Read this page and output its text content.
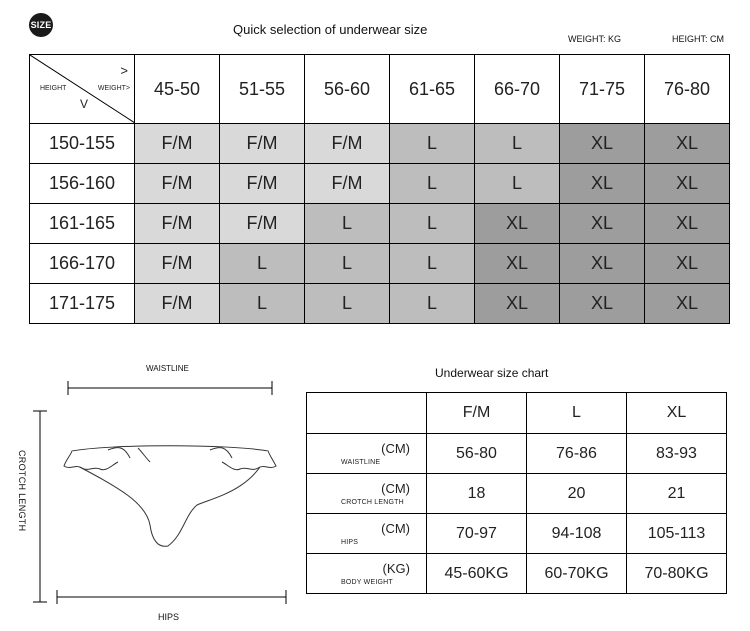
SIZE	Quick selection of underwear size
WEIGHT: KG	HEIGHT: CM
>
WEIGHT>
HEIGHT
V	45-50	51-55	56-60	61-65	66-70	71-75	76-80
150-155	F/M	F/M	F/M	L	L	XL	XL
156-160	F/M	F/M	F/M	L	L	XL	XL
161-165	F/M	F/M	L	L	XL	XL	XL
166-170	F/M	L	L	L	XL	XL	XL
171-175	F/M	L	L	L	XL	XL	XL
WAISTLINE
HIPS
CROTCH LENGTH
Underwear size chart
	F/M	L	XL

(CM)
WAISTLINE	56-80	76-86	83-93

(CM)
CROTCH LENGTH	18	20	21

(CM)
HIPS	70-97	94-108	105-113

(KG)
BODY WEIGHT	45-60KG	60-70KG	70-80KG
